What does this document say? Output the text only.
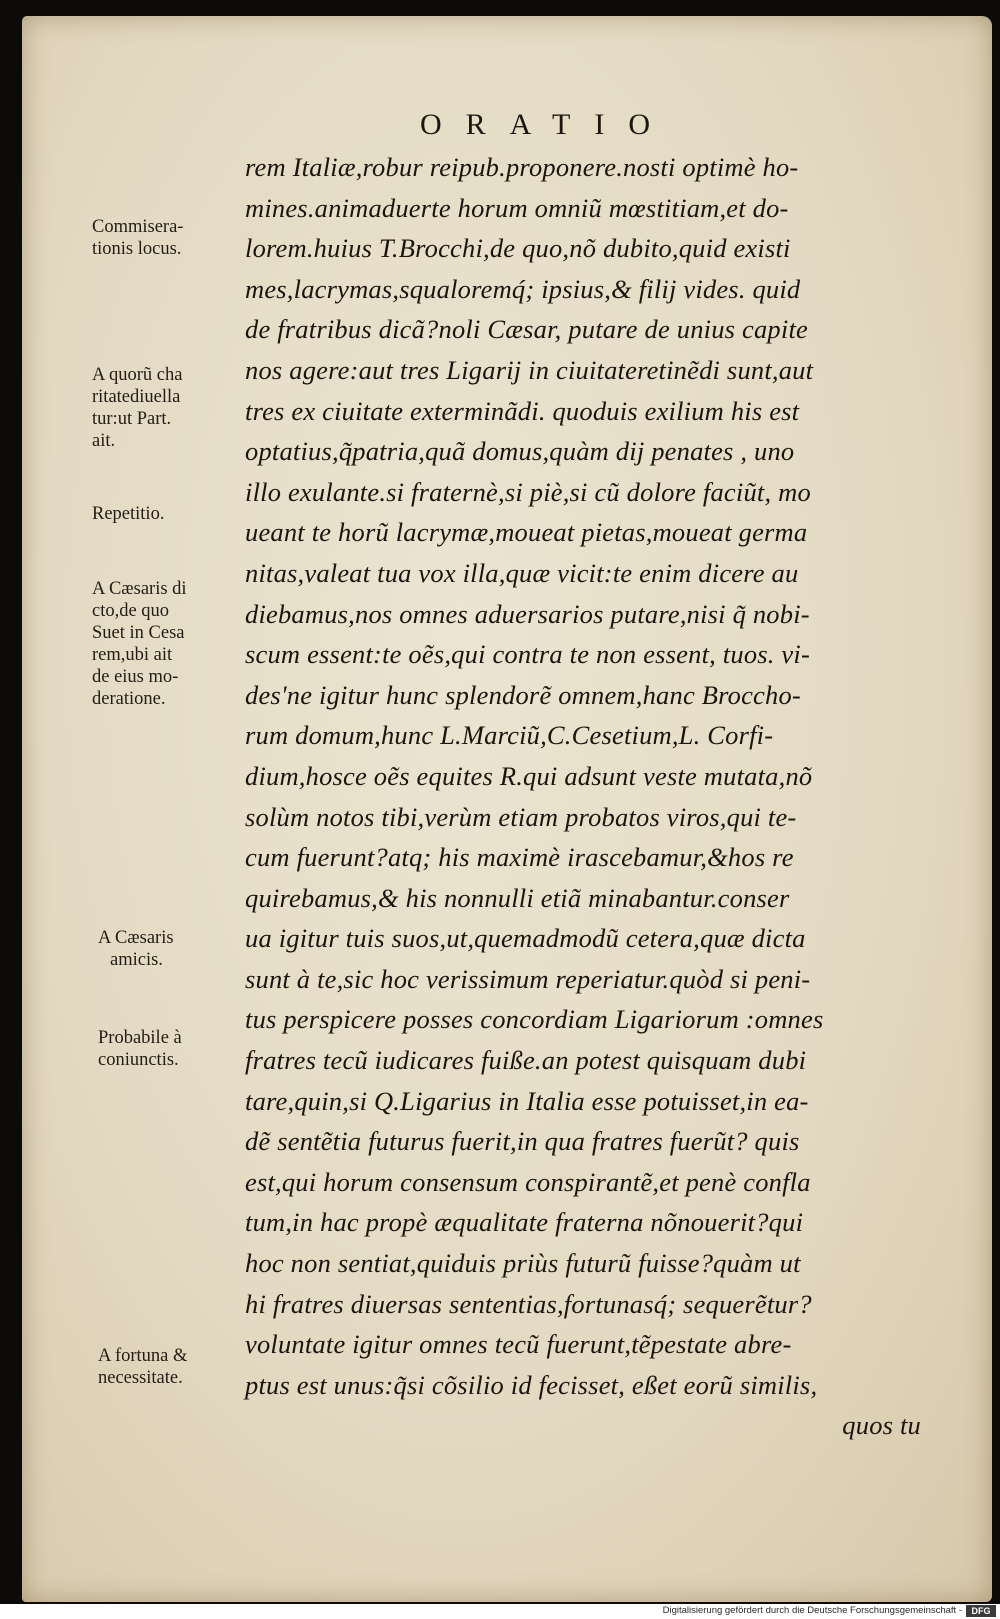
ORATIO
rem Italiæ,robur reipub.proponere.nosti optimè ho-
mines.animaduerte horum omniũ mœstitiam,et do-
lorem.huius T.Brocchi,de quo,nõ dubito,quid existi
mes,lacrymas,squaloremq́; ipsius,& filij vides. quid
de fratribus dicã?noli Cæsar, putare de unius capite
nos agere:aut tres Ligarij in ciuitateretinẽdi sunt,aut
tres ex ciuitate exterminãdi. quoduis exilium his est
optatius,q̃patria,quã domus,quàm dij penates , uno
illo exulante.si fraternè,si piè,si cũ dolore faciũt, mo
ueant te horũ lacrymæ,moueat pietas,moueat germa
nitas,valeat tua vox illa,quæ vicit:te enim dicere au
diebamus,nos omnes aduersarios putare,nisi q̃ nobi-
scum essent:te oẽs,qui contra te non essent, tuos. vi-
des'ne igitur hunc splendorẽ omnem,hanc Broccho-
rum domum,hunc L.Marciũ,C.Cesetium,L. Corfi-
dium,hosce oẽs equites R.qui adsunt veste mutata,nõ
solùm notos tibi,verùm etiam probatos viros,qui te-
cum fuerunt?atq; his maximè irascebamur,&hos re
quirebamus,& his nonnulli etiã minabantur.conser
ua igitur tuis suos,ut,quemadmodũ cetera,quæ dicta
sunt à te,sic hoc verissimum reperiatur.quòd si peni-
tus perspicere posses concordiam Ligariorum :omnes
fratres tecũ iudicares fuiße.an potest quisquam dubi
tare,quin,si Q.Ligarius in Italia esse potuisset,in ea-
dẽ sentẽtia futurus fuerit,in qua fratres fuerũt? quis
est,qui horum consensum conspirantẽ,et penè confla
tum,in hac propè æqualitate fraterna nõnouerit?qui
hoc non sentiat,quiduis priùs futurũ fuisse?quàm ut
hi fratres diuersas sententias,fortunasq́; sequerẽtur?
voluntate igitur omnes tecũ fuerunt,tẽpestate abre-
ptus est unus:q̃si cõsilio id fecisset, eßet eorũ similis,
quos tu
Commisera-
tionis locus.
A quorũ cha
ritatediuella
tur:ut Part.
ait.
Repetitio.
A Cæsaris di
cto,de quo
Suet in Cesa
rem,ubi ait
de eius mo-
deratione.
A Cæsaris
amicis.
Probabile à
coniunctis.
A fortuna &
necessitate.
Digitalisierung gefördert durch die Deutsche Forschungsgemeinschaft -	DFG
